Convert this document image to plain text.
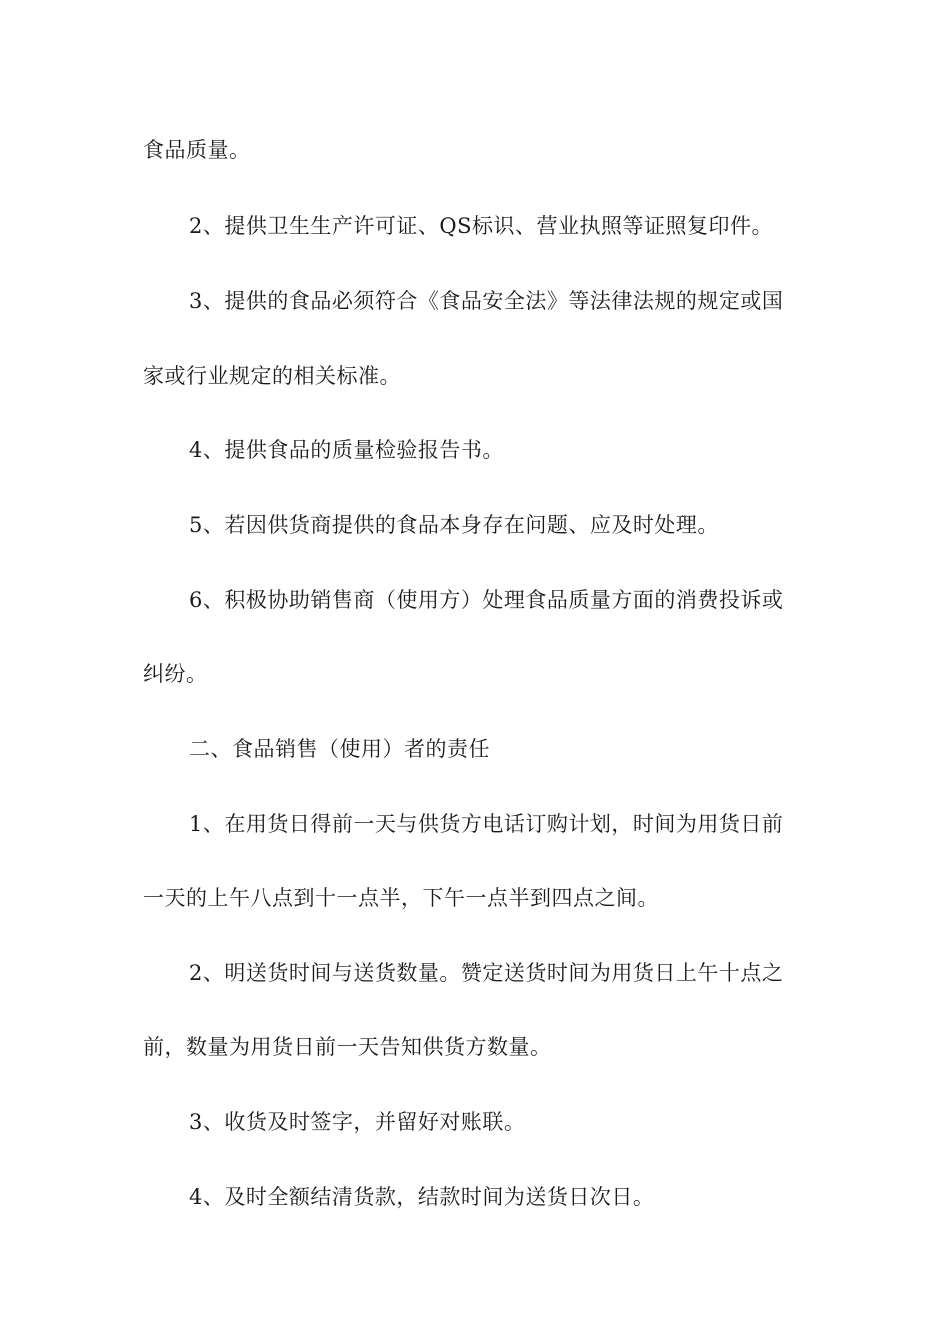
食品质量。
2、提供卫生生产许可证、QS标识、营业执照等证照复印件。
3、提供的食品必须符合《食品安全法》等法律法规的规定或国
家或行业规定的相关标准。
4、提供食品的质量检验报告书。
5、若因供货商提供的食品本身存在问题、应及时处理。
6、积极协助销售商（使用方）处理食品质量方面的消费投诉或
纠纷。
二、食品销售（使用）者的责任
1、在用货日得前一天与供货方电话订购计划，时间为用货日前
一天的上午八点到十一点半，下午一点半到四点之间。
2、明送货时间与送货数量。赞定送货时间为用货日上午十点之
前，数量为用货日前一天告知供货方数量。
3、收货及时签字，并留好对账联。
4、及时全额结清货款，结款时间为送货日次日。
